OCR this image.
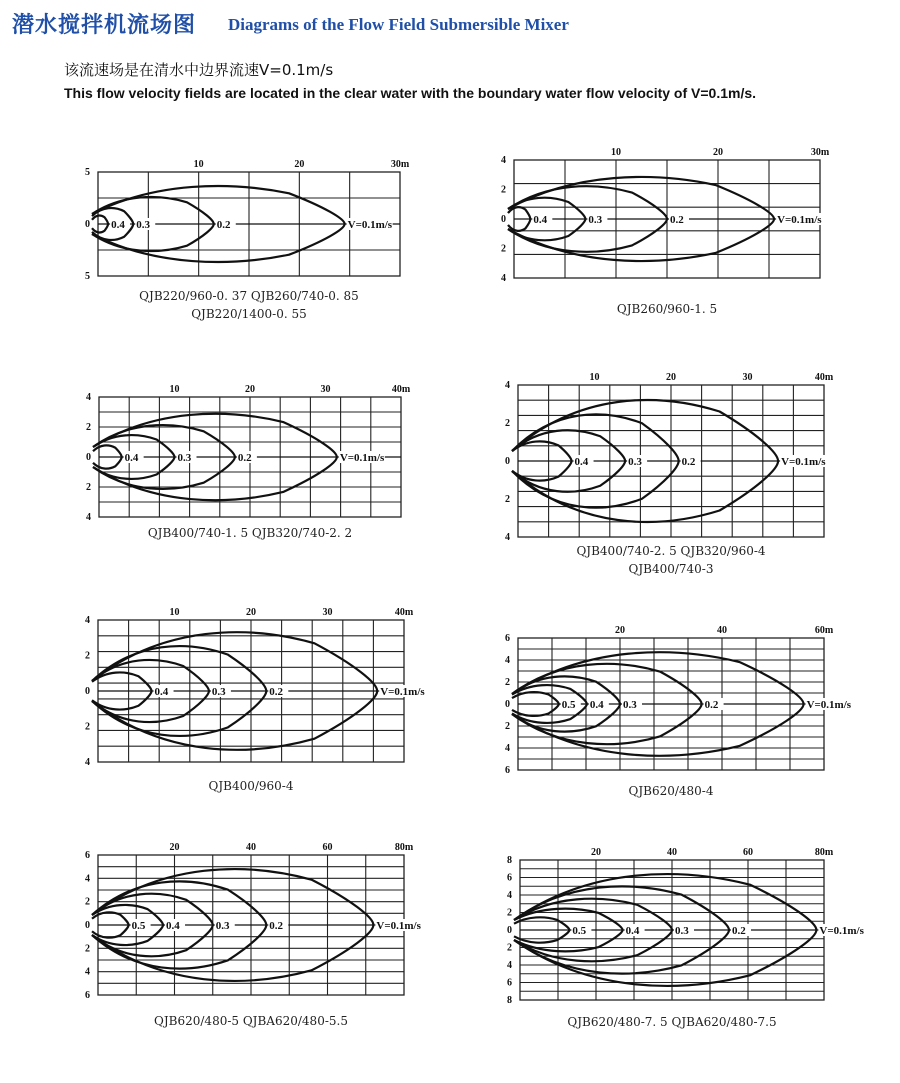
潜水搅拌机流场图 Diagrams of the Flow Field Submersible Mixer
该流速场是在清水中边界流速V=0.1m/s
This flow velocity fields are located in the clear water with the boundary water flow velocity of V=0.1m/s.
10	20	30m
5
0
5
0.4 0.3	0.2	V=0.1m/s
QJB220/960-0. 37 QJB260/740-0. 85
QJB220/1400-0. 55
10	20	30m
4
2
0
2
4
0.4	0.3	0.2	V=0.1m/s
QJB260/960-1. 5
10	20	30	40m
4
2
0
2
4
0.4	0.3	0.2	V=0.1m/s
QJB400/740-1. 5 QJB320/740-2. 2
10	20	30	40m
4
2
0
2
4
0.4	0.3	0.2	V=0.1m/s
QJB400/740-2. 5 QJB320/960-4
QJB400/740-3
10	20	30	40m
4
2
0
2
4
0.4	0.3	0.2	V=0.1m/s
QJB400/960-4
20	40	60m
6
4
2
0
2
4
6
0.5 0.4 0.3	0.2	V=0.1m/s
QJB620/480-4
20	40	60	80m
6
4
2
0
2
4
6
0.5 0.4	0.3	0.2	V=0.1m/s
QJB620/480-5 QJBA620/480-5.5
20	40	60	80m
8
6
4
2
0
2
4
6
8
0.5	0.4	0.3	0.2	V=0.1m/s
QJB620/480-7. 5 QJBA620/480-7.5
